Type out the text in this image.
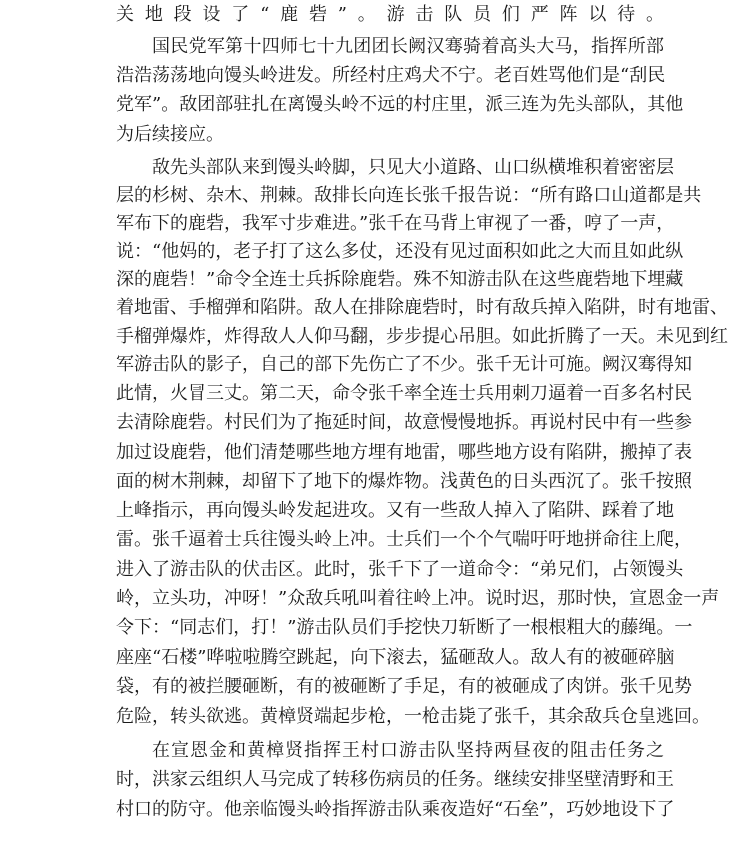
关地段设了“鹿砦”。游击队员们严阵以待。
国民党军第十四师七十九团团长阙汉骞骑着高头大马，指挥所部
浩浩荡荡地向馒头岭进发。所经村庄鸡犬不宁。老百姓骂他们是“刮民
党军”。敌团部驻扎在离馒头岭不远的村庄里，派三连为先头部队，其他
为后续接应。
敌先头部队来到馒头岭脚，只见大小道路、山口纵横堆积着密密层
层的杉树、杂木、荆棘。敌排长向连长张千报告说：“所有路口山道都是共
军布下的鹿砦，我军寸步难进。”张千在马背上审视了一番，哼了一声，
说：“他妈的，老子打了这么多仗，还没有见过面积如此之大而且如此纵
深的鹿砦！”命令全连士兵拆除鹿砦。殊不知游击队在这些鹿砦地下埋藏
着地雷、手榴弹和陷阱。敌人在排除鹿砦时，时有敌兵掉入陷阱，时有地雷、
手榴弹爆炸，炸得敌人人仰马翻，步步提心吊胆。如此折腾了一天。未见到红
军游击队的影子，自己的部下先伤亡了不少。张千无计可施。阙汉骞得知
此情，火冒三丈。第二天，命令张千率全连士兵用刺刀逼着一百多名村民
去清除鹿砦。村民们为了拖延时间，故意慢慢地拆。再说村民中有一些参
加过设鹿砦，他们清楚哪些地方埋有地雷，哪些地方设有陷阱，搬掉了表
面的树木荆棘，却留下了地下的爆炸物。浅黄色的日头西沉了。张千按照
上峰指示，再向馒头岭发起进攻。又有一些敌人掉入了陷阱、踩着了地
雷。张千逼着士兵往馒头岭上冲。士兵们一个个气喘吁吁地拼命往上爬，
进入了游击队的伏击区。此时，张千下了一道命令：“弟兄们，占领馒头
岭，立头功，冲呀！”众敌兵吼叫着往岭上冲。说时迟，那时快，宣恩金一声
令下：“同志们，打！”游击队员们手挖快刀斩断了一根根粗大的藤绳。一
座座“石楼”哗啦啦腾空跳起，向下滚去，猛砸敌人。敌人有的被砸碎脑
袋，有的被拦腰砸断，有的被砸断了手足，有的被砸成了肉饼。张千见势
危险，转头欲逃。黄樟贤端起步枪，一枪击毙了张千，其余敌兵仓皇逃回。
在宣恩金和黄樟贤指挥王村口游击队坚持两昼夜的阻击任务之
时，洪家云组织人马完成了转移伤病员的任务。继续安排坚壁清野和王
村口的防守。他亲临馒头岭指挥游击队乘夜造好“石垒”，巧妙地设下了
